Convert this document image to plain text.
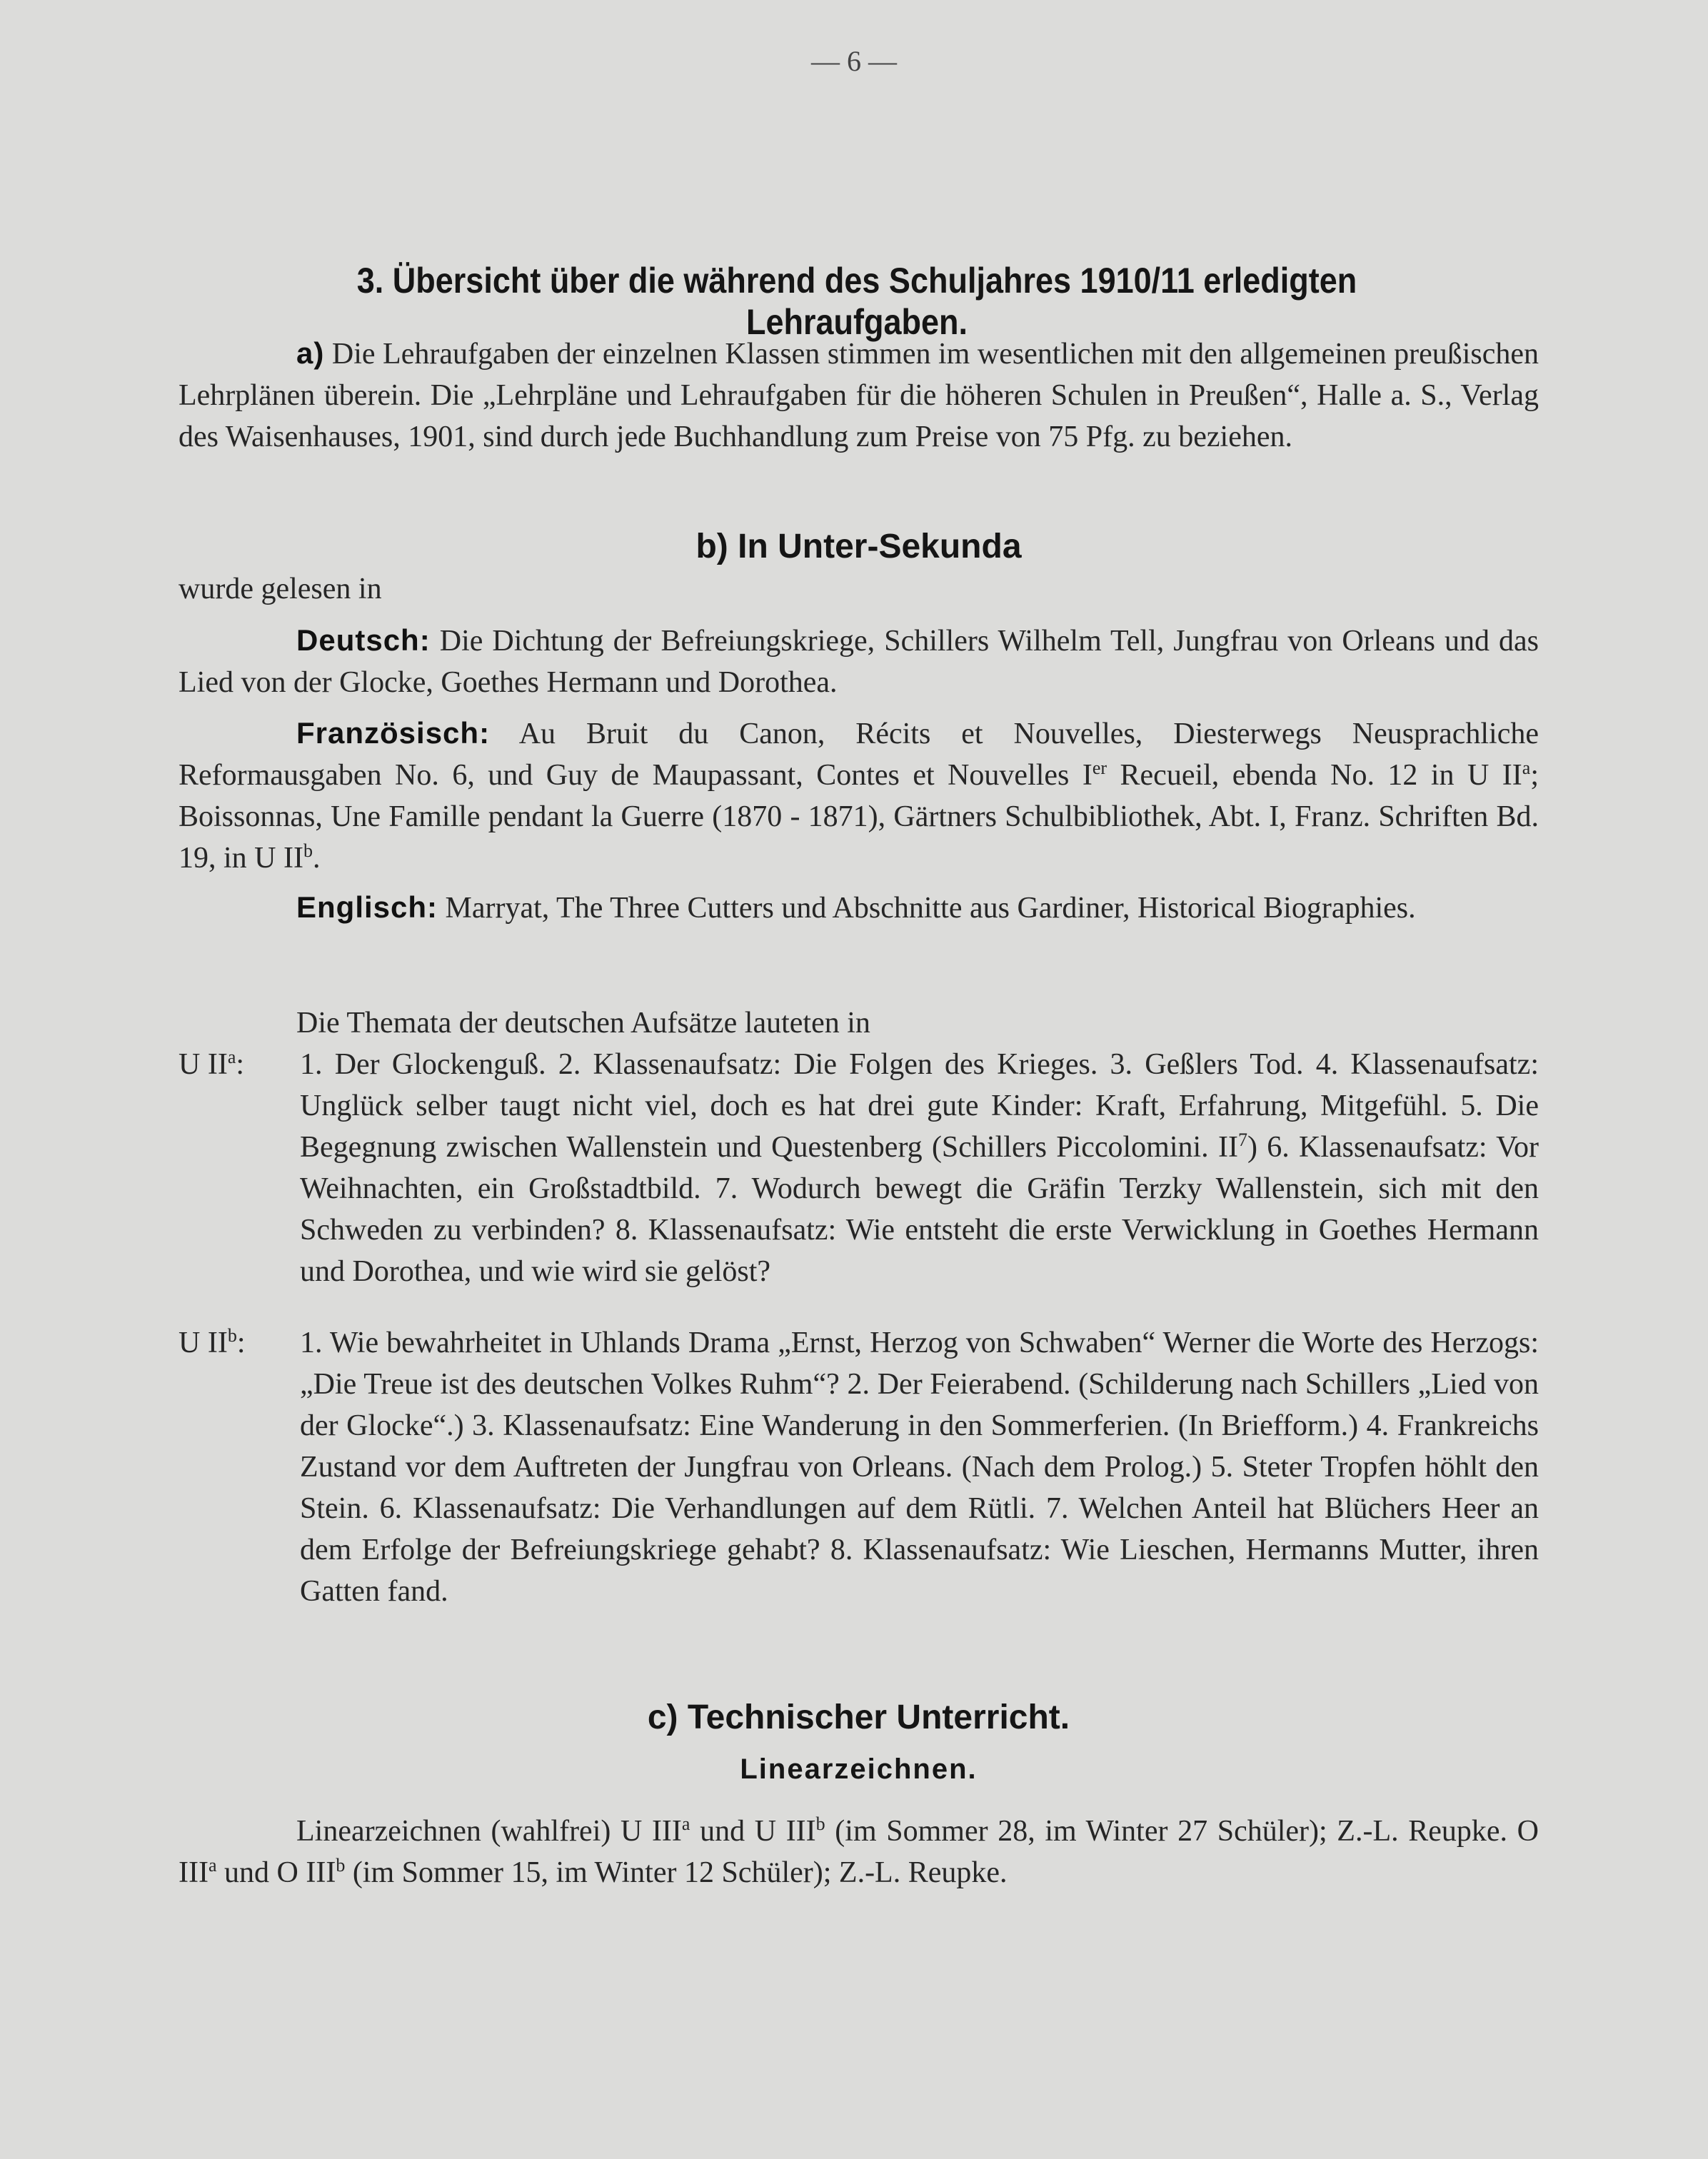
— 6 —
3. Übersicht über die während des Schuljahres 1910/11 erledigten Lehraufgaben.

a) Die Lehraufgaben der einzelnen Klassen stimmen im wesentlichen mit den allgemeinen preußischen Lehrplänen überein. Die „Lehrpläne und Lehraufgaben für die höheren Schulen in Preußen“, Halle a. S., Verlag des Waisenhauses, 1901, sind durch jede Buchhandlung zum Preise von 75 Pfg. zu beziehen.

b) In Unter-Sekunda

wurde gelesen in

Deutsch: Die Dichtung der Befreiungskriege, Schillers Wilhelm Tell, Jungfrau von Orleans und das Lied von der Glocke, Goethes Hermann und Dorothea.

Französisch: Au Bruit du Canon, Récits et Nouvelles, Diesterwegs Neusprachliche Reformausgaben No. 6, und Guy de Maupassant, Contes et Nouvelles Ier Recueil, ebenda No. 12 in U $II^a$; Boissonnas, Une Famille pendant la Guerre (1870 - 1871), Gärtners Schulbibliothek, Abt. I, Franz. Schriften Bd. 19, in U $II^b$.

Englisch: Marryat, The Three Cutters und Abschnitte aus Gardiner, Historical Biographies.

Die Themata der deutschen Aufsätze lauteten in

U $II^a$: 1. Der Glockenguß. 2. Klassenaufsatz: Die Folgen des Krieges. 3. Geßlers Tod. 4. Klassenaufsatz: Unglück selber taugt nicht viel, doch es hat drei gute Kinder: Kraft, Erfahrung, Mitgefühl. 5. Die Begegnung zwischen Wallenstein und Questenberg (Schillers Piccolomini. $II^7$) 6. Klassenaufsatz: Vor Weihnachten, ein Großstadtbild. 7. Wodurch bewegt die Gräfin Terzky Wallenstein, sich mit den Schweden zu verbinden? 8. Klassenaufsatz: Wie entsteht die erste Verwicklung in Goethes Hermann und Dorothea, und wie wird sie gelöst?

U $II^b$: 1. Wie bewahrheitet in Uhlands Drama „Ernst, Herzog von Schwaben“ Werner die Worte des Herzogs: „Die Treue ist des deutschen Volkes Ruhm“? 2. Der Feierabend. (Schilderung nach Schillers „Lied von der Glocke“.) 3. Klassenaufsatz: Eine Wanderung in den Sommerferien. (In Briefform.) 4. Frankreichs Zustand vor dem Auftreten der Jungfrau von Orleans. (Nach dem Prolog.) 5. Steter Tropfen höhlt den Stein. 6. Klassenaufsatz: Die Verhandlungen auf dem Rütli. 7. Welchen Anteil hat Blüchers Heer an dem Erfolge der Befreiungskriege gehabt? 8. Klassenaufsatz: Wie Lieschen, Hermanns Mutter, ihren Gatten fand.

c) Technischer Unterricht.
Linearzeichnen.

Linearzeichnen (wahlfrei) U III$^a$ und U III$^b$ (im Sommer 28, im Winter 27 Schüler); Z.-L. Reupke. O III$^a$ und O III$^b$ (im Sommer 15, im Winter 12 Schüler); Z.-L. Reupke.
